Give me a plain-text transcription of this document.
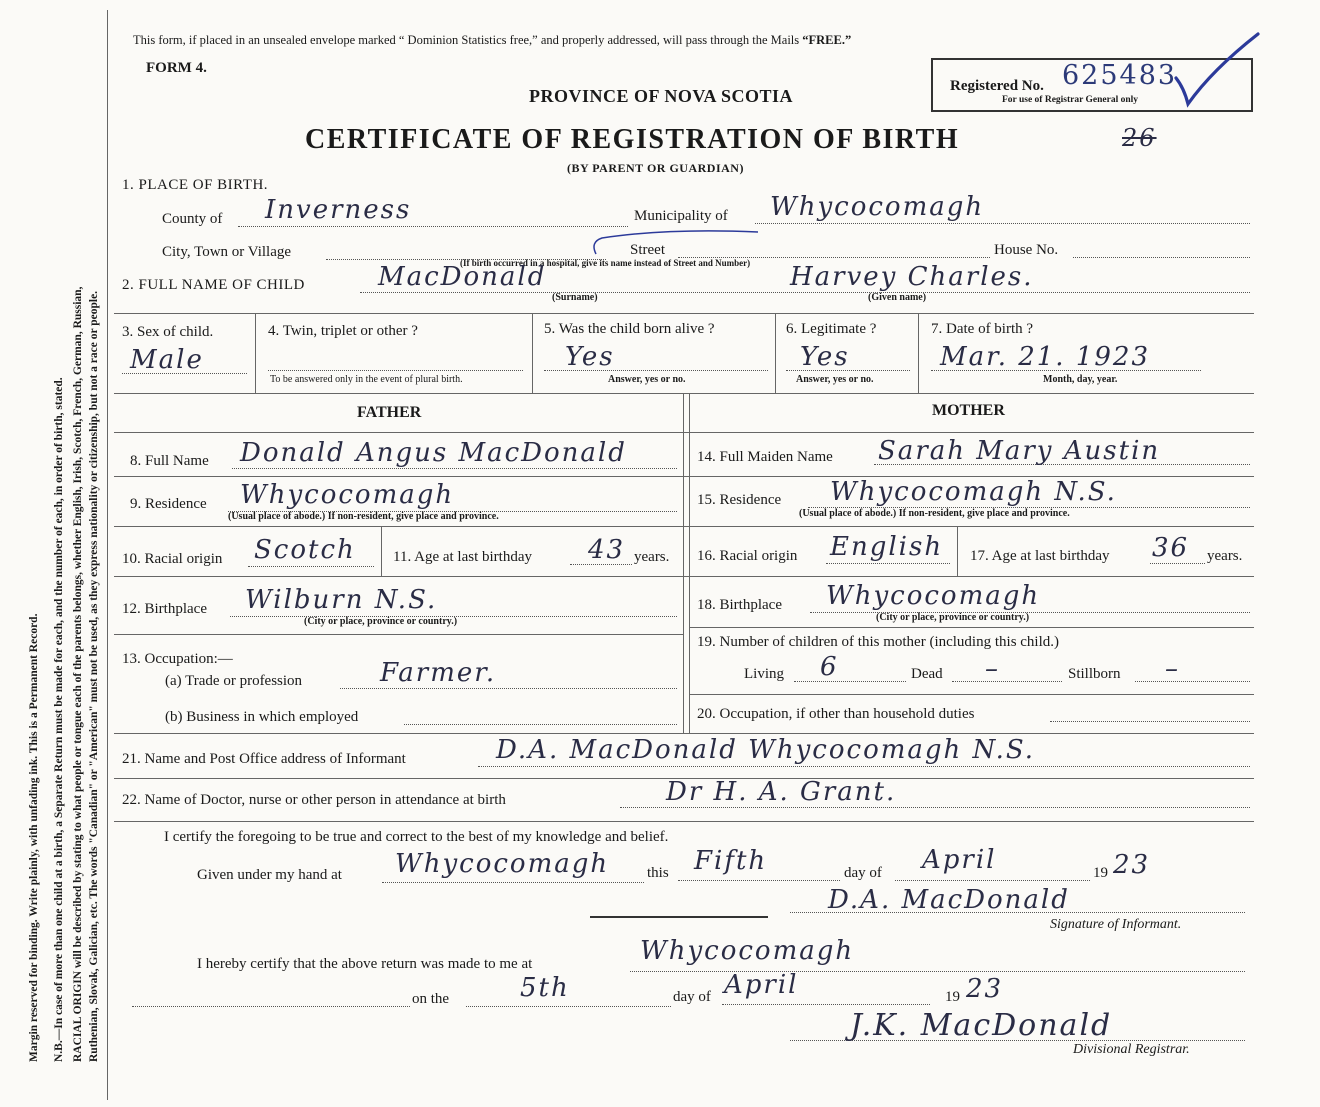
Margin reserved for binding. Write plainly, with unfading ink. This is a Permanent Record. N.B.—In case of more than one child at a birth, a Separate Return must be made for each, and the number of each, in order of birth, stated. RACIAL ORIGIN will be described by stating to what people or tongue each of the parents belongs, whether English, Irish, Scotch, French, German, Russian, Ruthenian, Slovak, Galician, etc. The words "Canadian" or "American" must not be used, as they express nationality or citizenship, but not a race or people.
This form, if placed in an unsealed envelope marked “ Dominion Statistics free,” and properly addressed, will pass through the Mails “FREE.”
FORM 4.
PROVINCE OF NOVA SCOTIA
CERTIFICATE OF REGISTRATION OF BIRTH
(BY PARENT OR GUARDIAN)
Registered No. 625483
For use of Registrar General only
26
1. PLACE OF BIRTH.
County of Inverness	Municipality of Whycocomagh
City, Town or Village	Street	House No.
(If birth occurred in a hospital, give its name instead of Street and Number)
2. FULL NAME OF CHILD	MacDonald
(Surname)
Harvey Charles.
(Given name)
3. Sex of child.
Male
4. Twin, triplet or other ?
To be answered only in the event of plural birth.
5. Was the child born alive ?
Yes
Answer, yes or no.
6. Legitimate ?
Yes
Answer, yes or no.
7. Date of birth ?
Mar. 21. 1923
Month, day, year.
FATHER	MOTHER
8. Full Name Donald Angus MacDonald	14. Full Maiden Name Sarah Mary Austin
9. Residence Whycocomagh
(Usual place of abode.) If non-resident, give place and province.
15. Residence Whycocomagh N.S.
(Usual place of abode.) If non-resident, give place and province.
10. Racial origin Scotch 11. Age at last birthday 43 years. 16. Racial origin English 17. Age at last birthday 36 years.
12. Birthplace Wilburn N.S.
(City or place, province or country.)
18. Birthplace Whycocomagh
(City or place, province or country.)
13. Occupation:—
(a) Trade or profession	Farmer.
(b) Business in which employed
19. Number of children of this mother (including this child.)
Living 6	Dead –	Stillborn –
20. Occupation, if other than household duties
21. Name and Post Office address of Informant	D.A. MacDonald Whycocomagh N.S.
22. Name of Doctor, nurse or other person in attendance at birth	Dr H. A. Grant.
I certify the foregoing to be true and correct to the best of my knowledge and belief.
Given under my hand at Whycocomagh	this Fifth	day of April	19 23
D.A. MacDonald
Signature of Informant.
I hereby certify that the above return was made to me at	Whycocomagh
on the	5th	day of April	19 23
J.K. MacDonald
Divisional Registrar.
